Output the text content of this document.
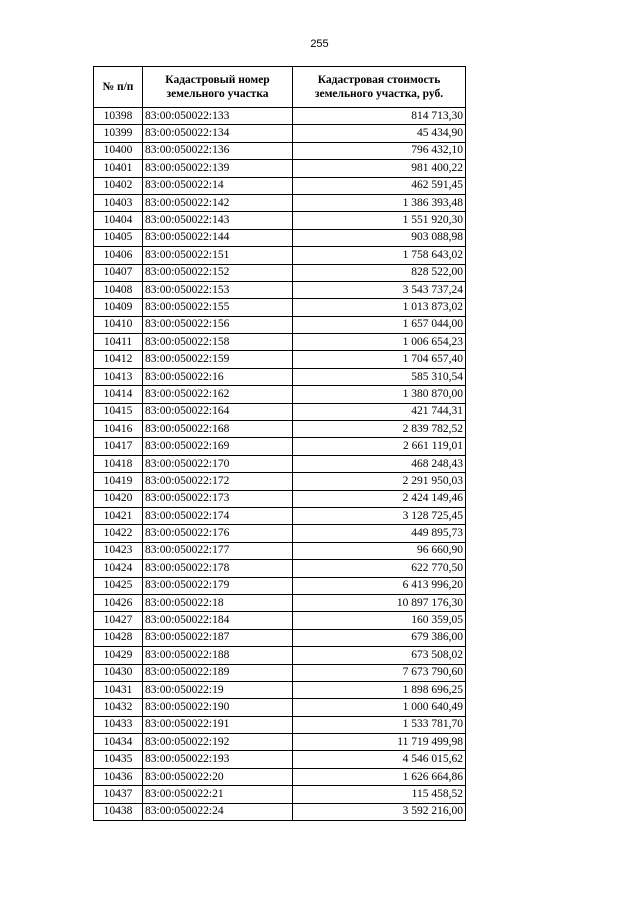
255
№ п/п	Кадастровый номер земельного участка	Кадастровая стоимость земельного участка, руб.
10398	83:00:050022:133	814 713,30
10399	83:00:050022:134	45 434,90
10400	83:00:050022:136	796 432,10
10401	83:00:050022:139	981 400,22
10402	83:00:050022:14	462 591,45
10403	83:00:050022:142	1 386 393,48
10404	83:00:050022:143	1 551 920,30
10405	83:00:050022:144	903 088,98
10406	83:00:050022:151	1 758 643,02
10407	83:00:050022:152	828 522,00
10408	83:00:050022:153	3 543 737,24
10409	83:00:050022:155	1 013 873,02
10410	83:00:050022:156	1 657 044,00
10411	83:00:050022:158	1 006 654,23
10412	83:00:050022:159	1 704 657,40
10413	83:00:050022:16	585 310,54
10414	83:00:050022:162	1 380 870,00
10415	83:00:050022:164	421 744,31
10416	83:00:050022:168	2 839 782,52
10417	83:00:050022:169	2 661 119,01
10418	83:00:050022:170	468 248,43
10419	83:00:050022:172	2 291 950,03
10420	83:00:050022:173	2 424 149,46
10421	83:00:050022:174	3 128 725,45
10422	83:00:050022:176	449 895,73
10423	83:00:050022:177	96 660,90
10424	83:00:050022:178	622 770,50
10425	83:00:050022:179	6 413 996,20
10426	83:00:050022:18	10 897 176,30
10427	83:00:050022:184	160 359,05
10428	83:00:050022:187	679 386,00
10429	83:00:050022:188	673 508,02
10430	83:00:050022:189	7 673 790,60
10431	83:00:050022:19	1 898 696,25
10432	83:00:050022:190	1 000 640,49
10433	83:00:050022:191	1 533 781,70
10434	83:00:050022:192	11 719 499,98
10435	83:00:050022:193	4 546 015,62
10436	83:00:050022:20	1 626 664,86
10437	83:00:050022:21	115 458,52
10438	83:00:050022:24	3 592 216,00
